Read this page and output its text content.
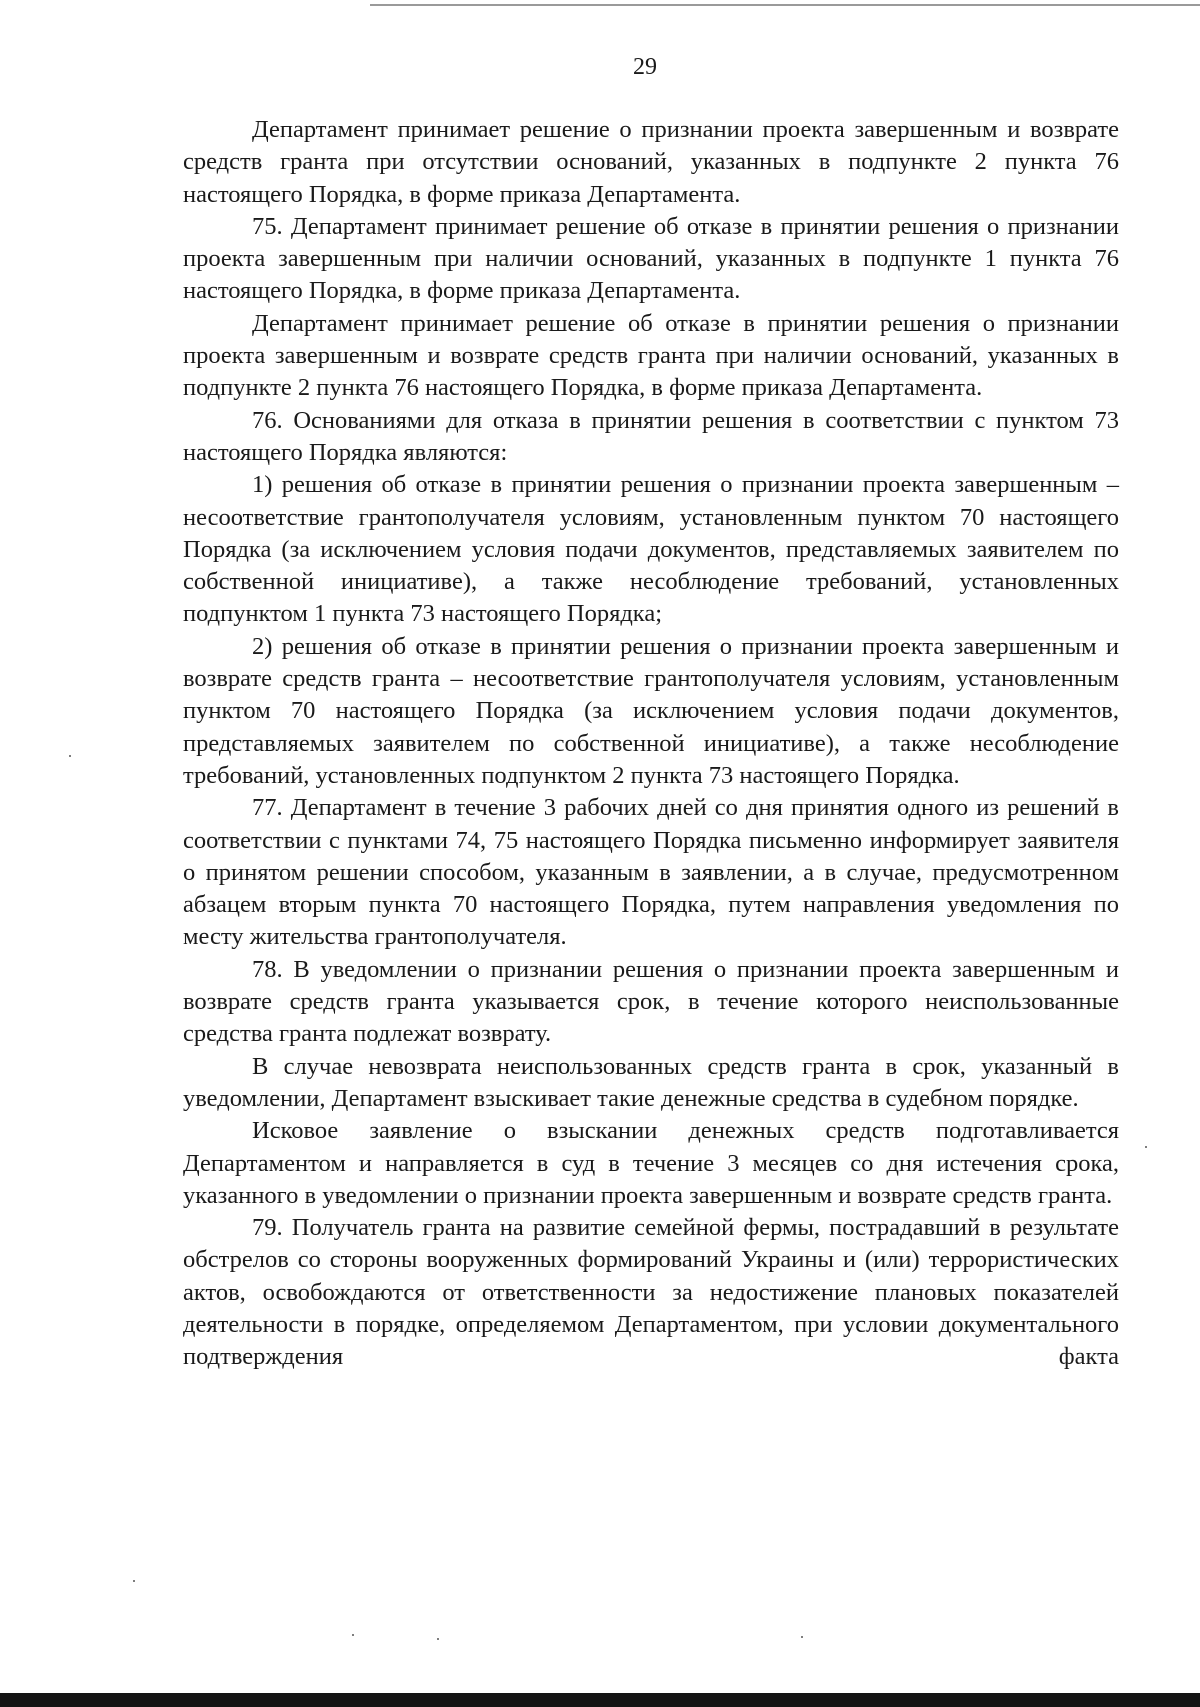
29

Департамент принимает решение о признании проекта завершенным и возврате средств гранта при отсутствии оснований, указанных в подпункте 2 пункта 76 настоящего Порядка, в форме приказа Департамента.

75. Департамент принимает решение об отказе в принятии решения о признании проекта завершенным при наличии оснований, указанных в подпункте 1 пункта 76 настоящего Порядка, в форме приказа Департамента.

Департамент принимает решение об отказе в принятии решения о признании проекта завершенным и возврате средств гранта при наличии оснований, указанных в подпункте 2 пункта 76 настоящего Порядка, в форме приказа Департамента.

76. Основаниями для отказа в принятии решения в соответствии с пунктом 73 настоящего Порядка являются:

1) решения об отказе в принятии решения о признании проекта завершенным – несоответствие грантополучателя условиям, установленным пунктом 70 настоящего Порядка (за исключением условия подачи документов, представляемых заявителем по собственной инициативе), а также несоблюдение требований, установленных подпунктом 1 пункта 73 настоящего Порядка;

2) решения об отказе в принятии решения о признании проекта завершенным и возврате средств гранта – несоответствие грантополучателя условиям, установленным пунктом 70 настоящего Порядка (за исключением условия подачи документов, представляемых заявителем по собственной инициативе), а также несоблюдение требований, установленных подпунктом 2 пункта 73 настоящего Порядка.

77. Департамент в течение 3 рабочих дней со дня принятия одного из решений в соответствии с пунктами 74, 75 настоящего Порядка письменно информирует заявителя о принятом решении способом, указанным в заявлении, а в случае, предусмотренном абзацем вторым пункта 70 настоящего Порядка, путем направления уведомления по месту жительства грантополучателя.

78. В уведомлении о признании решения о признании проекта завершенным и возврате средств гранта указывается срок, в течение которого неиспользованные средства гранта подлежат возврату.

В случае невозврата неиспользованных средств гранта в срок, указанный в уведомлении, Департамент взыскивает такие денежные средства в судебном порядке.

Исковое заявление о взыскании денежных средств подготавливается Департаментом и направляется в суд в течение 3 месяцев со дня истечения срока, указанного в уведомлении о признании проекта завершенным и возврате средств гранта.

79. Получатель гранта на развитие семейной фермы, пострадавший в результате обстрелов со стороны вооруженных формирований Украины и (или) террористических актов, освобождаются от ответственности за недостижение плановых показателей деятельности в порядке, определяемом Департаментом, при условии документального подтверждения факта
